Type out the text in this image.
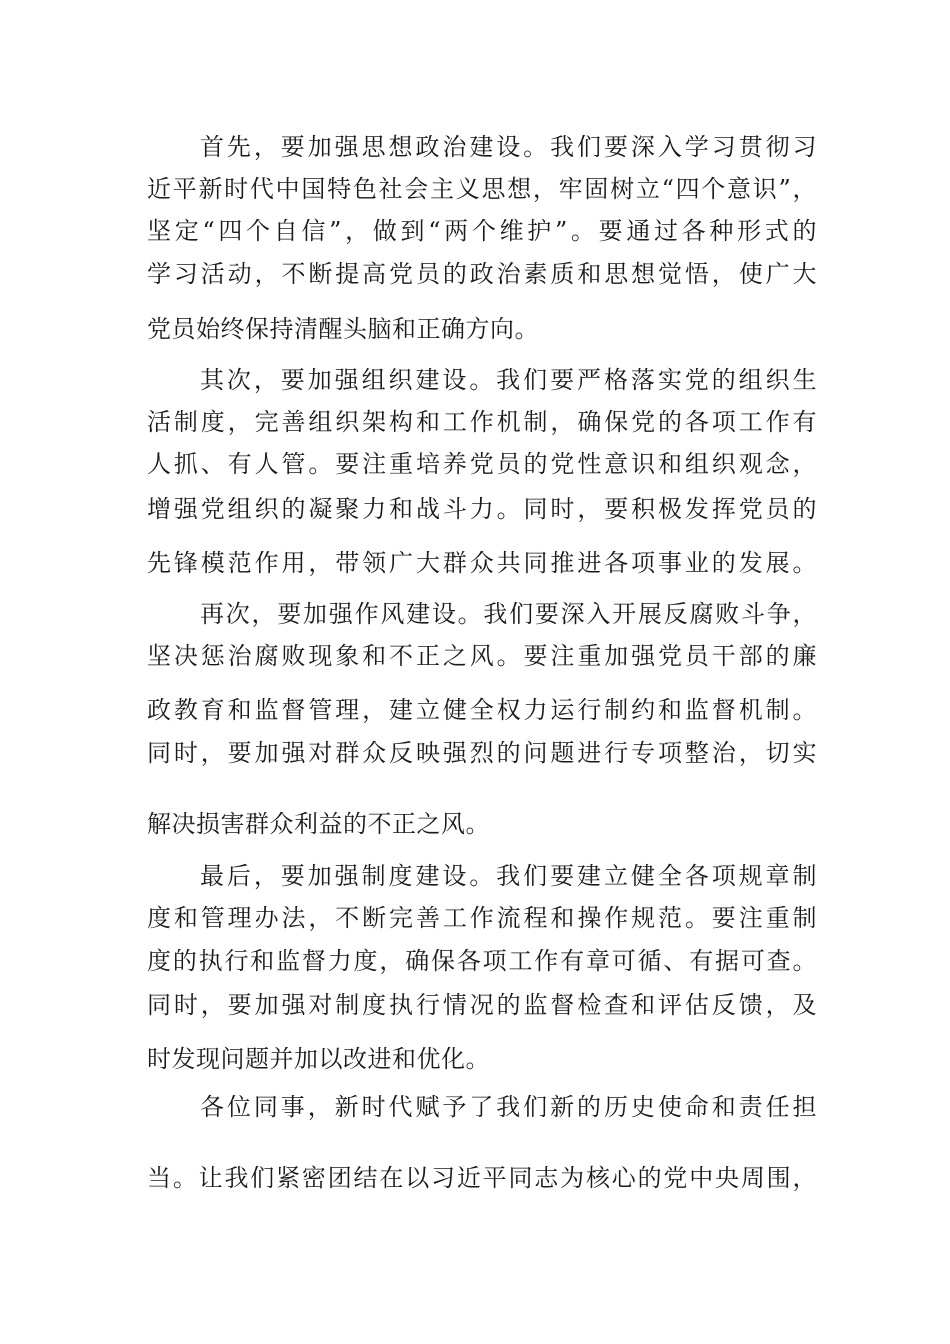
首先，要加强思想政治建设。我们要深入学习贯彻习
近平新时代中国特色社会主义思想，牢固树立“四个意识”，
坚定“四个自信”，做到“两个维护”。要通过各种形式的
学习活动，不断提高党员的政治素质和思想觉悟，使广大
党员始终保持清醒头脑和正确方向。
其次，要加强组织建设。我们要严格落实党的组织生
活制度，完善组织架构和工作机制，确保党的各项工作有
人抓、有人管。要注重培养党员的党性意识和组织观念，
增强党组织的凝聚力和战斗力。同时，要积极发挥党员的
先锋模范作用，带领广大群众共同推进各项事业的发展。
再次，要加强作风建设。我们要深入开展反腐败斗争，
坚决惩治腐败现象和不正之风。要注重加强党员干部的廉
政教育和监督管理，建立健全权力运行制约和监督机制。
同时，要加强对群众反映强烈的问题进行专项整治，切实
解决损害群众利益的不正之风。
最后，要加强制度建设。我们要建立健全各项规章制
度和管理办法，不断完善工作流程和操作规范。要注重制
度的执行和监督力度，确保各项工作有章可循、有据可查。
同时，要加强对制度执行情况的监督检查和评估反馈，及
时发现问题并加以改进和优化。
各位同事，新时代赋予了我们新的历史使命和责任担
当。让我们紧密团结在以习近平同志为核心的党中央周围，
